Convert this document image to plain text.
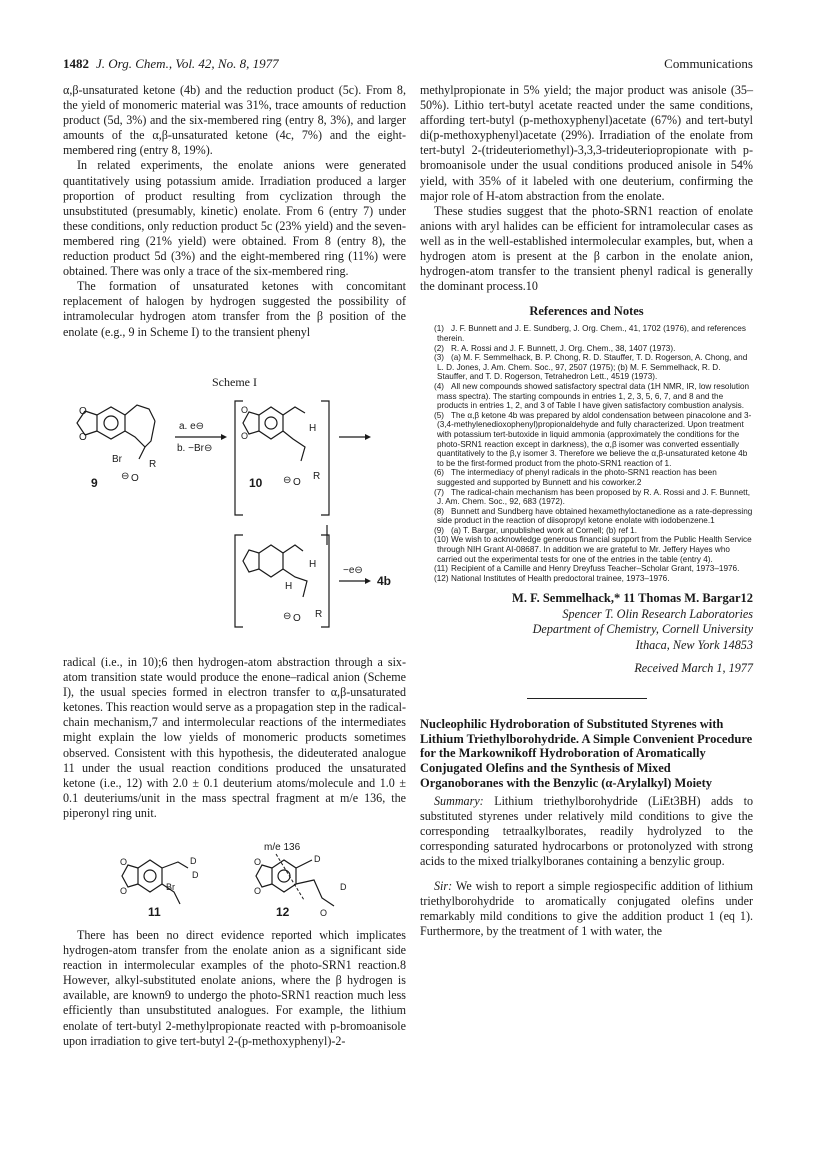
1482 J. Org. Chem., Vol. 42, No. 8, 1977	Communications

α,β-unsaturated ketone (4b) and the reduction product (5c). From 8, the yield of monomeric material was 31%, trace amounts of reduction product (5d, 3%) and the six-membered ring (entry 8, 3%), and larger amounts of the α,β-unsaturated ketone (4c, 7%) and the eight-membered ring (entry 8, 19%).

In related experiments, the enolate anions were generated quantitatively using potassium amide. Irradiation produced a larger proportion of product resulting from cyclization through the unsubstituted (presumably, kinetic) enolate. From 6 (entry 7) under these conditions, only reduction product 5c (23% yield) and the seven-membered ring (21% yield) were obtained. From 8 (entry 8), the reduction product 5d (3%) and the eight-membered ring (11%) were obtained. There was only a trace of the six-membered ring.

The formation of unsaturated ketones with concomitant replacement of halogen by hydrogen suggested the possibility of intramolecular hydrogen atom transfer from the β position of the enolate (e.g., 9 in Scheme I) to the transient phenyl

Scheme I
O
O
Br	R
⊖ O
9
a. e⊖
b. −Br⊖
H
O
O
R
⊖ O
10
H
H
R
⊖ O
−e⊖
4b

radical (i.e., in 10);6 then hydrogen-atom abstraction through a six-atom transition state would produce the enone–radical anion (Scheme I), the usual species formed in electron transfer to α,β-unsaturated ketones. This reaction would serve as a propagation step in the radical-chain mechanism,7 and intermolecular reactions of the intermediates might explain the low yields of monomeric products sometimes observed. Consistent with this hypothesis, the dideuterated analogue 11 under the usual reaction conditions produced the unsaturated ketone (i.e., 12) with 2.0 ± 0.1 deuterium atoms/molecule and 1.0 ± 0.1 deuteriums/unit in the mass spectral fragment at m/e 136, the piperonyl ring unit.

m/e 136
O
O	Br
D
D
11
O
O
D
D
O
12

There has been no direct evidence reported which implicates hydrogen-atom transfer from the enolate anion as a significant side reaction in intermolecular examples of the photo-SRN1 reaction.8 However, alkyl-substituted enolate anions, where the β hydrogen is available, are known9 to undergo the photo-SRN1 reaction much less efficiently than unsubstituted analogues. For example, the lithium enolate of tert-butyl 2-methylpropionate reacted with p-bromoanisole upon irradiation to give tert-butyl 2-(p-methoxyphenyl)-2-

methylpropionate in 5% yield; the major product was anisole (35–50%). Lithio tert-butyl acetate reacted under the same conditions, affording tert-butyl (p-methoxyphenyl)acetate (67%) and tert-butyl di(p-methoxyphenyl)acetate (29%). Irradiation of the enolate from tert-butyl 2-(trideuteriomethyl)-3,3,3-trideuteriopropionate with p-bromoanisole under the usual conditions produced anisole in 54% yield, with 35% of it labeled with one deuterium, confirming the major role of H-atom abstraction from the enolate.

These studies suggest that the photo-SRN1 reaction of enolate anions with aryl halides can be efficient for intramolecular cases as well as in the well-established intermolecular examples, but, when a hydrogen atom is present at the β carbon in the enolate anion, hydrogen-atom transfer to the transient phenyl radical is generally the dominant process.10

References and Notes

(1) J. F. Bunnett and J. E. Sundberg, J. Org. Chem., 41, 1702 (1976), and references therein.

(2) R. A. Rossi and J. F. Bunnett, J. Org. Chem., 38, 1407 (1973).

(3) (a) M. F. Semmelhack, B. P. Chong, R. D. Stauffer, T. D. Rogerson, A. Chong, and L. D. Jones, J. Am. Chem. Soc., 97, 2507 (1975); (b) M. F. Semmelhack, R. D. Stauffer, and T. D. Rogerson, Tetrahedron Lett., 4519 (1973).

(4) All new compounds showed satisfactory spectral data (1H NMR, IR, low resolution mass spectra). The starting compounds in entries 1, 2, 3, 5, 6, 7, and 8 and the products in entries 1, 2, and 3 of Table I have given satisfactory combustion analysis.

(5) The α,β ketone 4b was prepared by aldol condensation between pinacolone and 3-(3,4-methylenedioxophenyl)propionaldehyde and fully characterized. Upon treatment with potassium tert-butoxide in liquid ammonia (approximately the conditions for the photo-SRN1 reaction except in darkness), the α,β isomer was converted essentially quantitatively to the β,γ isomer 3. Therefore we believe the α,β-unsaturated ketone 4b to be the first-formed product from the photo-SRN1 reaction of 1.

(6) The intermediacy of phenyl radicals in the photo-SRN1 reaction has been suggested and supported by Bunnett and his coworker.2

(7) The radical-chain mechanism has been proposed by R. A. Rossi and J. F. Bunnett, J. Am. Chem. Soc., 92, 683 (1972).

(8) Bunnett and Sundberg have obtained hexamethyloctanedione as a rate-depressing side product in the reaction of diisopropyl ketone enolate with iodobenzene.1

(9) (a) T. Bargar, unpublished work at Cornell; (b) ref 1.

(10) We wish to acknowledge generous financial support from the Public Health Service through NIH Grant AI-08687. In addition we are grateful to Mr. Jeffery Hayes who carried out the experimental tests for one of the entries in the table (entry 4).

(11) Recipient of a Camille and Henry Dreyfuss Teacher–Scholar Grant, 1973–1976.

(12) National Institutes of Health predoctoral trainee, 1973–1976.

M. F. Semmelhack,* 11 Thomas M. Bargar12
Spencer T. Olin Research Laboratories
Department of Chemistry, Cornell University
Ithaca, New York 14853
Received March 1, 1977
Nucleophilic Hydroboration of Substituted Styrenes with Lithium Triethylborohydride. A Simple Convenient Procedure for the Markownikoff Hydroboration of Aromatically Conjugated Olefins and the Synthesis of Mixed Organoboranes with the Benzylic (α-Arylalkyl) Moiety

Summary: Lithium triethylborohydride (LiEt3BH) adds to substituted styrenes under relatively mild conditions to give the corresponding tetraalkylborates, readily hydrolyzed to the corresponding saturated hydrocarbons or protonolyzed with strong acids to the mixed trialkylboranes containing a benzylic group.

Sir: We wish to report a simple regiospecific addition of lithium triethylborohydride to aromatically conjugated olefins under remarkably mild conditions to give the addition product 1 (eq 1). Furthermore, by the treatment of 1 with water, the
